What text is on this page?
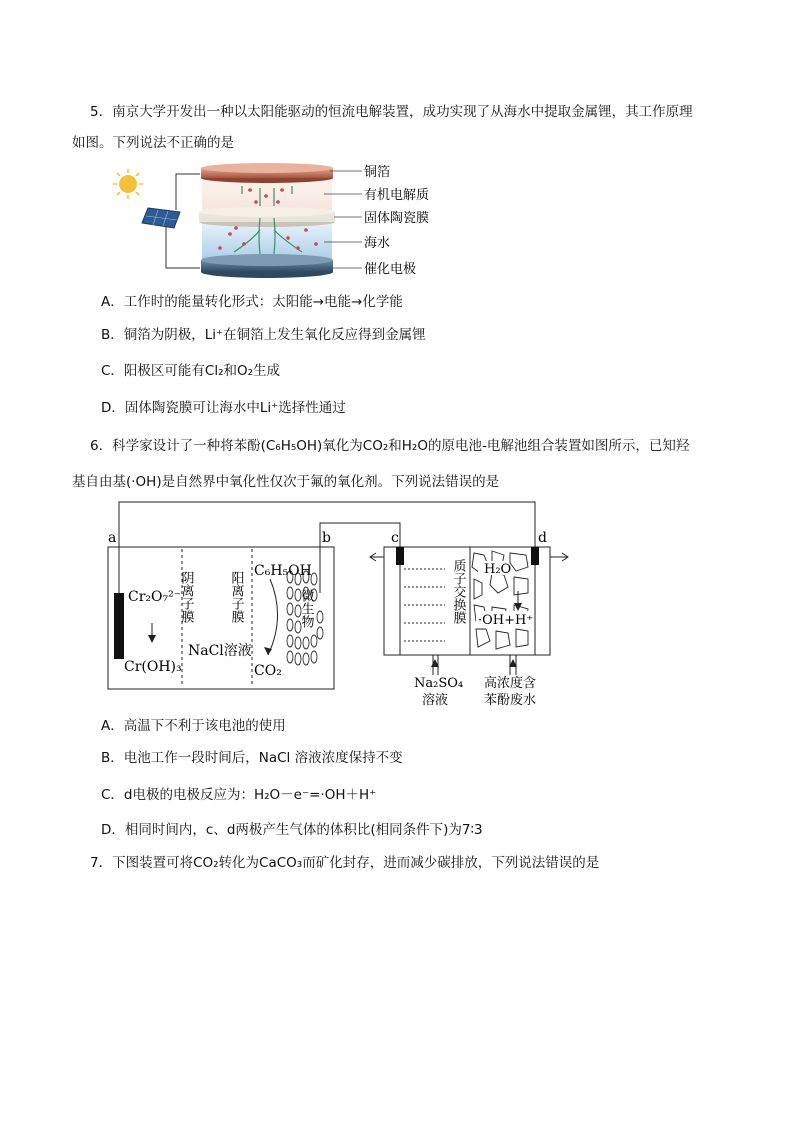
5．南京大学开发出一种以太阳能驱动的恒流电解装置，成功实现了从海水中提取金属锂，其工作原理
如图。下列说法不正确的是
铜箔
有机电解质
固体陶瓷膜
海水
催化电极
A．工作时的能量转化形式：太阳能→电能→化学能
B．铜箔为阴极，Li⁺在铜箔上发生氧化反应得到金属锂
C．阳极区可能有Cl₂和O₂生成
D．固体陶瓷膜可让海水中Li⁺选择性通过
6．科学家设计了一种将苯酚(C₆H₅OH)氧化为CO₂和H₂O的原电池-电解池组合装置如图所示，已知羟
基自由基(·OH)是自然界中氧化性仅次于氟的氧化剂。下列说法错误的是
a	b	c	d
Cr₂O₇²⁻
Cr(OH)₃
阴离子膜	阳离子膜
NaCl溶液
C₆H₅OH
微生物
CO₂
质子交换膜 H₂O
·OH+H⁺
Na₂SO₄
溶液
高浓度含
苯酚废水
A．高温下不利于该电池的使用
B．电池工作一段时间后，NaCl 溶液浓度保持不变
C．d电极的电极反应为：H₂O－e⁻=·OH＋H⁺
D．相同时间内，c、d两极产生气体的体积比(相同条件下)为7∶3
7．下图装置可将CO₂转化为CaCO₃而矿化封存，进而减少碳排放，下列说法错误的是
